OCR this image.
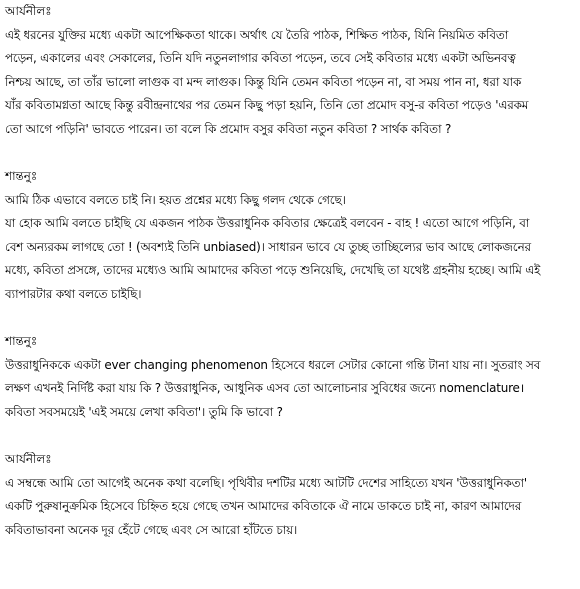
আর্যনীলঃ
এই ধরনের যুক্তির মধ্যে একটা আপেক্ষিকতা থাকে। অর্থাৎ যে তৈরি পাঠক, শিক্ষিত পাঠক, যিনি নিয়মিত কবিতা
পড়েন, একালের এবং সেকালের, তিনি যদি নতুনলাগার কবিতা পড়েন, তবে সেই কবিতার মধ্যে একটা অভিনবত্ব
নিশ্চয় আছে, তা তাঁর ভালো লাগুক বা মন্দ লাগুক। কিন্তু যিনি তেমন কবিতা পড়েন না, বা সময় পান না, ধরা যাক
যাঁর কবিতামগ্নতা আছে কিন্তু রবীন্দ্রনাথের পর তেমন কিছু পড়া হয়নি, তিনি তো প্রমোদ বসু-র কবিতা পড়েও 'এরকম
তো আগে পড়িনি' ভাবতে পারেন। তা বলে কি প্রমোদ বসুর কবিতা নতুন কবিতা ? সার্থক কবিতা ?
শান্তনুঃ
আমি ঠিক এভাবে বলতে চাই নি। হয়ত প্রশ্নের মধ্যে কিছু গলদ থেকে গেছে।
যা হোক আমি বলতে চাইছি যে একজন পাঠক উত্তরাধুনিক কবিতার ক্ষেত্রেই বলবেন - বাহ ! এতো আগে পড়িনি, বা
বেশ অন্যরকম লাগছে তো ! (অবশ্যই তিনি unbiased)। সাধারন ভাবে যে তুচ্ছ তাচ্ছিল্যের ভাব আছে লোকজনের
মধ্যে, কবিতা প্রসঙ্গে, তাদের মধ্যেও আমি আমাদের কবিতা পড়ে শুনিয়েছি, দেখেছি তা যথেষ্ট গ্রহনীয় হচ্ছে। আমি এই
ব্যাপারটার কথা বলতে চাইছি।
শান্তনুঃ
উত্তরাধুনিককে একটা ever changing phenomenon হিসেবে ধরলে সেটার কোনো গন্তি টানা যায় না। সুতরাং সব
লক্ষণ এখনই নির্দিষ্ট করা যায় কি ? উত্তরাধুনিক, আধুনিক এসব তো আলোচনার সুবিধের জন্যে nomenclature।
কবিতা সবসময়েই 'এই সময়ে লেখা কবিতা'। তুমি কি ভাবো ?
আর্যনীলঃ
এ সম্বন্ধে আমি তো আগেই অনেক কথা বলেছি। পৃথিবীর দশটির মধ্যে আটটি দেশের সাহিত্যে যখন 'উত্তরাধুনিকতা'
একটি পুরুষানুক্রমিক হিসেবে চিহ্নিত হয়ে গেছে তখন আমাদের কবিতাকে ঐ নামে ডাকতে চাই না, কারণ আমাদের
কবিতাভাবনা অনেক দূর হেঁটে গেছে এবং সে আরো হাঁটতে চায়।
